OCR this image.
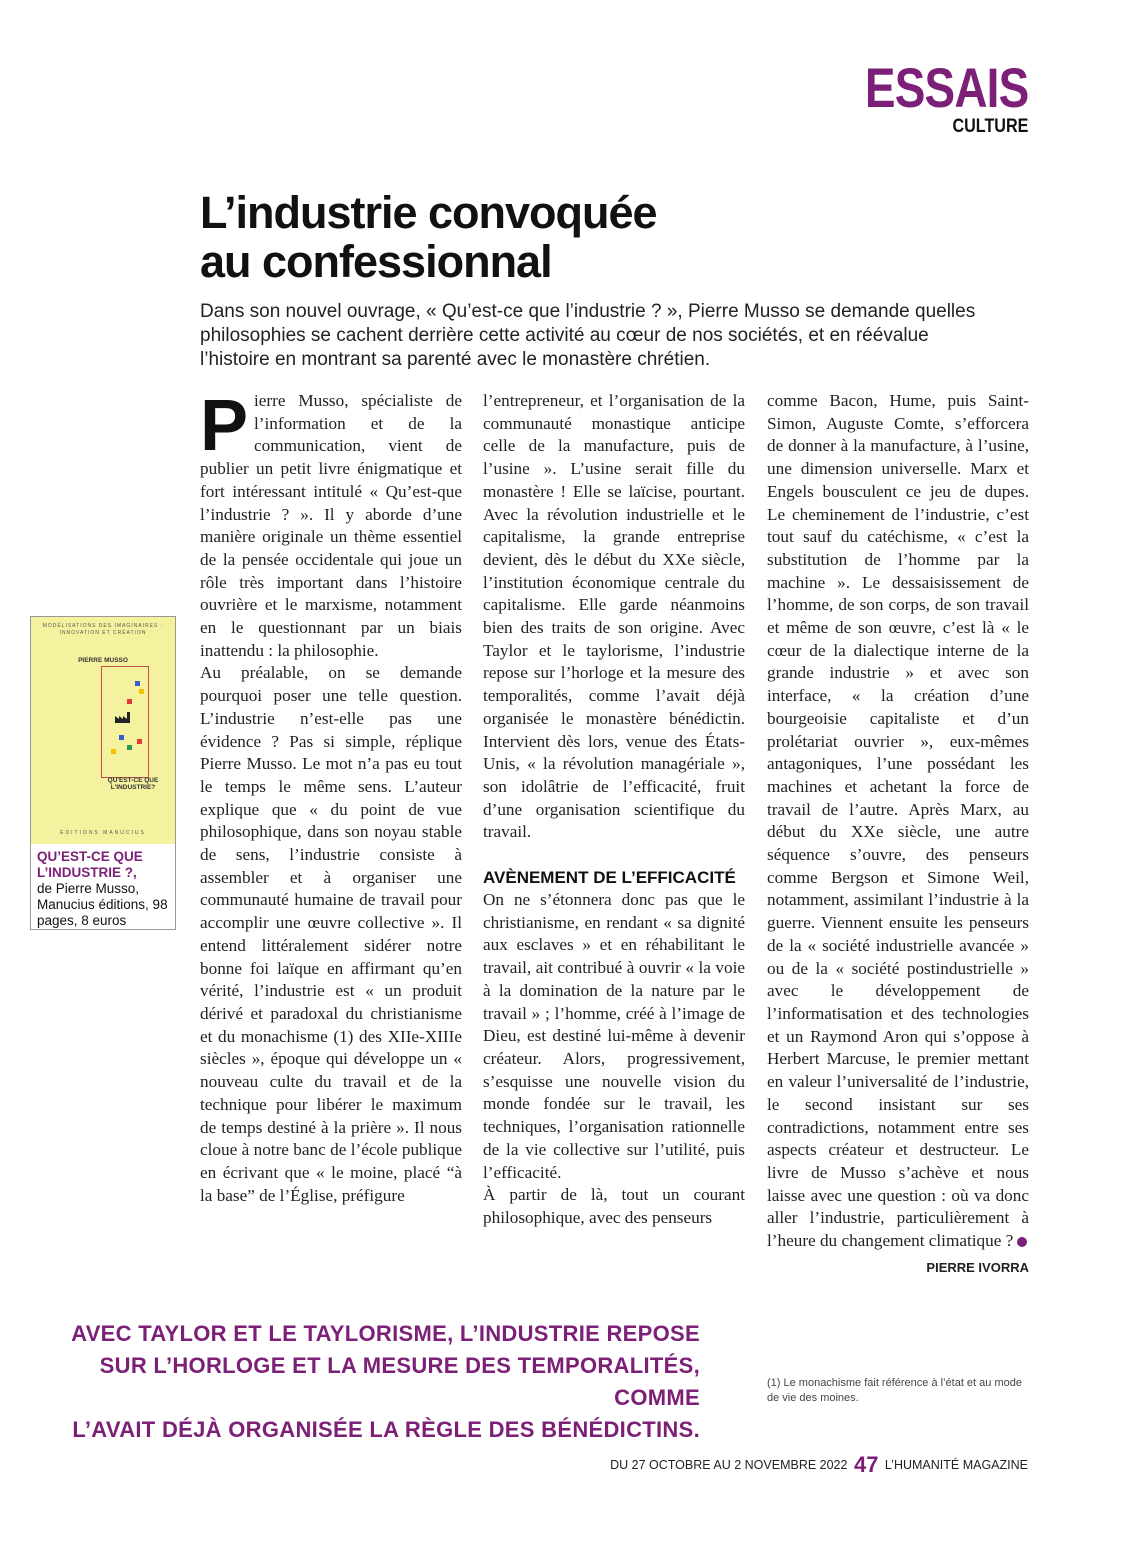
ESSAIS
CULTURE
L’industrie convoquée
au confessionnal
Dans son nouvel ouvrage, « Qu’est-ce que l’industrie ? », Pierre Musso se demande quelles philosophies se cachent derrière cette activité au cœur de nos sociétés, et en réévalue l’histoire en montrant sa parenté avec le monastère chrétien.

Pierre Musso, spécialiste de l’information et de la communication, vient de publier un petit livre énigmatique et fort intéressant intitulé « Qu’est-que l’industrie ? ». Il y aborde d’une manière originale un thème essentiel de la pensée occidentale qui joue un rôle très important dans l’histoire ouvrière et le marxisme, notamment en le questionnant par un biais inattendu : la philosophie.

Au préalable, on se demande pourquoi poser une telle question. L’industrie n’est-elle pas une évidence ? Pas si simple, réplique Pierre Musso. Le mot n’a pas eu tout le temps le même sens. L’auteur explique que « du point de vue philosophique, dans son noyau stable de sens, l’industrie consiste à assembler et à organiser une communauté humaine de travail pour accomplir une œuvre collective ». Il entend littéralement sidérer notre bonne foi laïque en affirmant qu’en vérité, l’industrie est « un produit dérivé et paradoxal du christianisme et du monachisme (1) des XIIe-XIIIe siècles », époque qui développe un « nouveau culte du travail et de la technique pour libérer le maximum de temps destiné à la prière ». Il nous cloue à notre banc de l’école publique en écrivant que « le moine, placé “à la base” de l’Église, préfigure

l’entrepreneur, et l’organisation de la communauté monastique anticipe celle de la manufacture, puis de l’usine ». L’usine serait fille du monastère ! Elle se laïcise, pourtant. Avec la révolution industrielle et le capitalisme, la grande entreprise devient, dès le début du XXe siècle, l’institution économique centrale du capitalisme. Elle garde néanmoins bien des traits de son origine. Avec Taylor et le taylorisme, l’industrie repose sur l’horloge et la mesure des temporalités, comme l’avait déjà organisée le monastère bénédictin. Intervient dès lors, venue des États-Unis, « la révolution managériale », son idolâtrie de l’efficacité, fruit d’une organisation scientifique du travail.

AVÈNEMENT DE L’EFFICACITÉ

On ne s’étonnera donc pas que le christianisme, en rendant « sa dignité aux esclaves » et en réhabilitant le travail, ait contribué à ouvrir « la voie à la domination de la nature par le travail » ; l’homme, créé à l’image de Dieu, est destiné lui-même à devenir créateur. Alors, progressivement, s’esquisse une nouvelle vision du monde fondée sur le travail, les techniques, l’organisation rationnelle de la vie collective sur l’utilité, puis l’efficacité.

À partir de là, tout un courant philosophique, avec des penseurs

comme Bacon, Hume, puis Saint-Simon, Auguste Comte, s’efforcera de donner à la manufacture, à l’usine, une dimension universelle. Marx et Engels bousculent ce jeu de dupes. Le cheminement de l’industrie, c’est tout sauf du catéchisme, « c’est la substitution de l’homme par la machine ». Le dessaisissement de l’homme, de son corps, de son travail et même de son œuvre, c’est là « le cœur de la dialectique interne de la grande industrie » et avec son interface, « la création d’une bourgeoisie capitaliste et d’un prolétariat ouvrier », eux-mêmes antagoniques, l’une possédant les machines et achetant la force de travail de l’autre. Après Marx, au début du XXe siècle, une autre séquence s’ouvre, des penseurs comme Bergson et Simone Weil, notamment, assimilant l’industrie à la guerre. Viennent ensuite les penseurs de la « société industrielle avancée » ou de la « société postindustrielle » avec le développement de l’informatisation et des technologies et un Raymond Aron qui s’oppose à Herbert Marcuse, le premier mettant en valeur l’universalité de l’industrie, le second insistant sur ses contradictions, notamment entre ses aspects créateur et destructeur. Le livre de Musso s’achève et nous laisse avec une question : où va donc aller l’industrie, particulièrement à l’heure du changement climatique ?

PIERRE IVORRA
MODÉLISATIONS DES IMAGINAIRES · INNOVATION ET CRÉATION
PIERRE MUSSO
QU'EST-CE QUE L'INDUSTRIE?
ÉDITIONS MANUCIUS
QU’EST-CE QUE L’INDUSTRIE ?,
de Pierre Musso, Manucius éditions, 98 pages, 8 euros
AVEC TAYLOR ET LE TAYLORISME, L’INDUSTRIE REPOSE
SUR L’HORLOGE ET LA MESURE DES TEMPORALITÉS, COMME
L’AVAIT DÉJÀ ORGANISÉE LA RÈGLE DES BÉNÉDICTINS.
(1) Le monachisme fait référence à l’état et au mode de vie des moines.
DU 27 OCTOBRE AU 2 NOVEMBRE 2022 47 L’HUMANITÉ MAGAZINE
